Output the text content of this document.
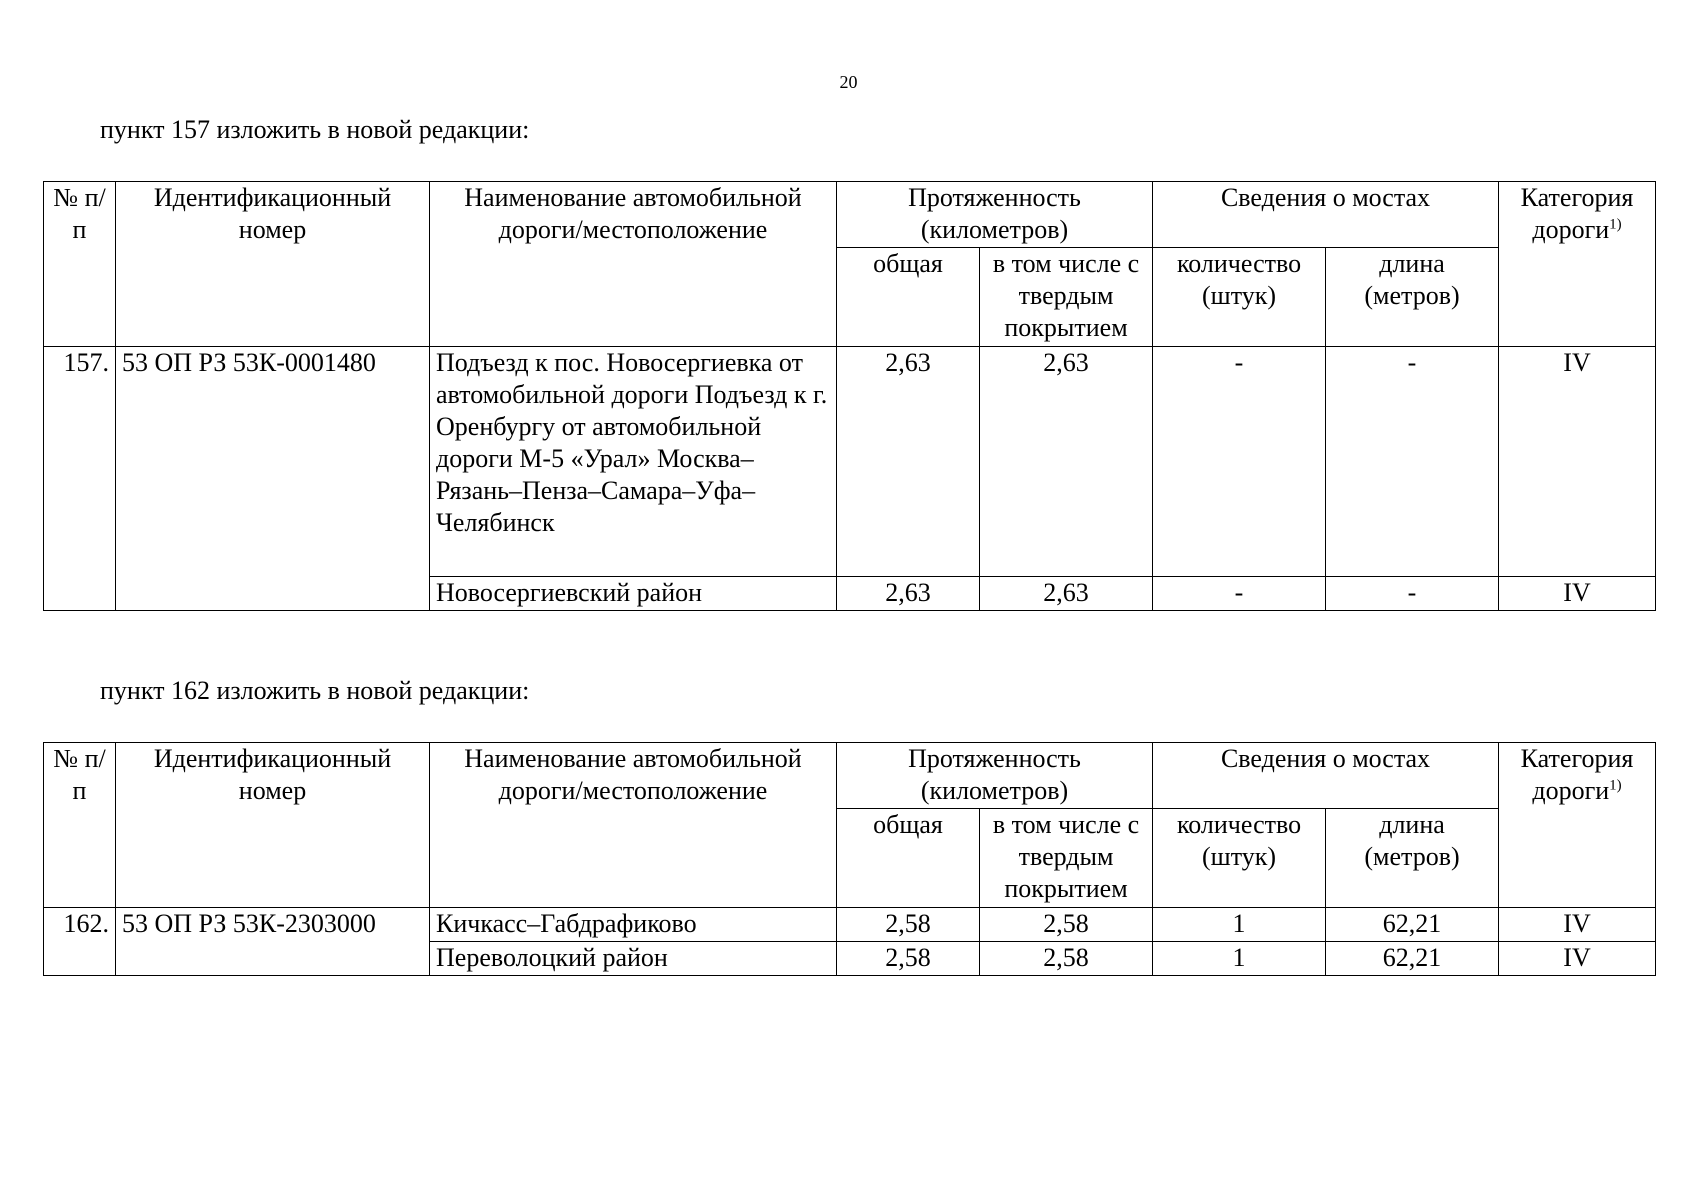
20
пункт 157 изложить в новой редакции:
№ п/п	Идентификационный номер	Наименование автомобильной дороги/местоположение	Протяженность (километров)		Сведения о мостах		Категория дороги$^{1)}$
			общая	в том числе с твердым покрытием	количество (штук)	длина (метров)	
157.	53 ОП РЗ 53К-0001480	Подъезд к пос. Новосергиевка от автомобильной дороги Подъезд к г. Оренбургу от автомобильной дороги М-5 «Урал» Москва–Рязань–Пенза–Самара–Уфа–Челябинск	2,63	2,63	-	-	IV
		Новосергиевский район	2,63	2,63	-	-	IV
пункт 162 изложить в новой редакции:
№ п/п	Идентификационный номер	Наименование автомобильной дороги/местоположение	Протяженность (километров)		Сведения о мостах		Категория дороги$^{1)}$
			общая	в том числе с твердым покрытием	количество (штук)	длина (метров)	
162.	53 ОП РЗ 53К-2303000	Кичкасс–Габдрафиково	2,58	2,58	1	62,21	IV
		Переволоцкий район	2,58	2,58	1	62,21	IV
